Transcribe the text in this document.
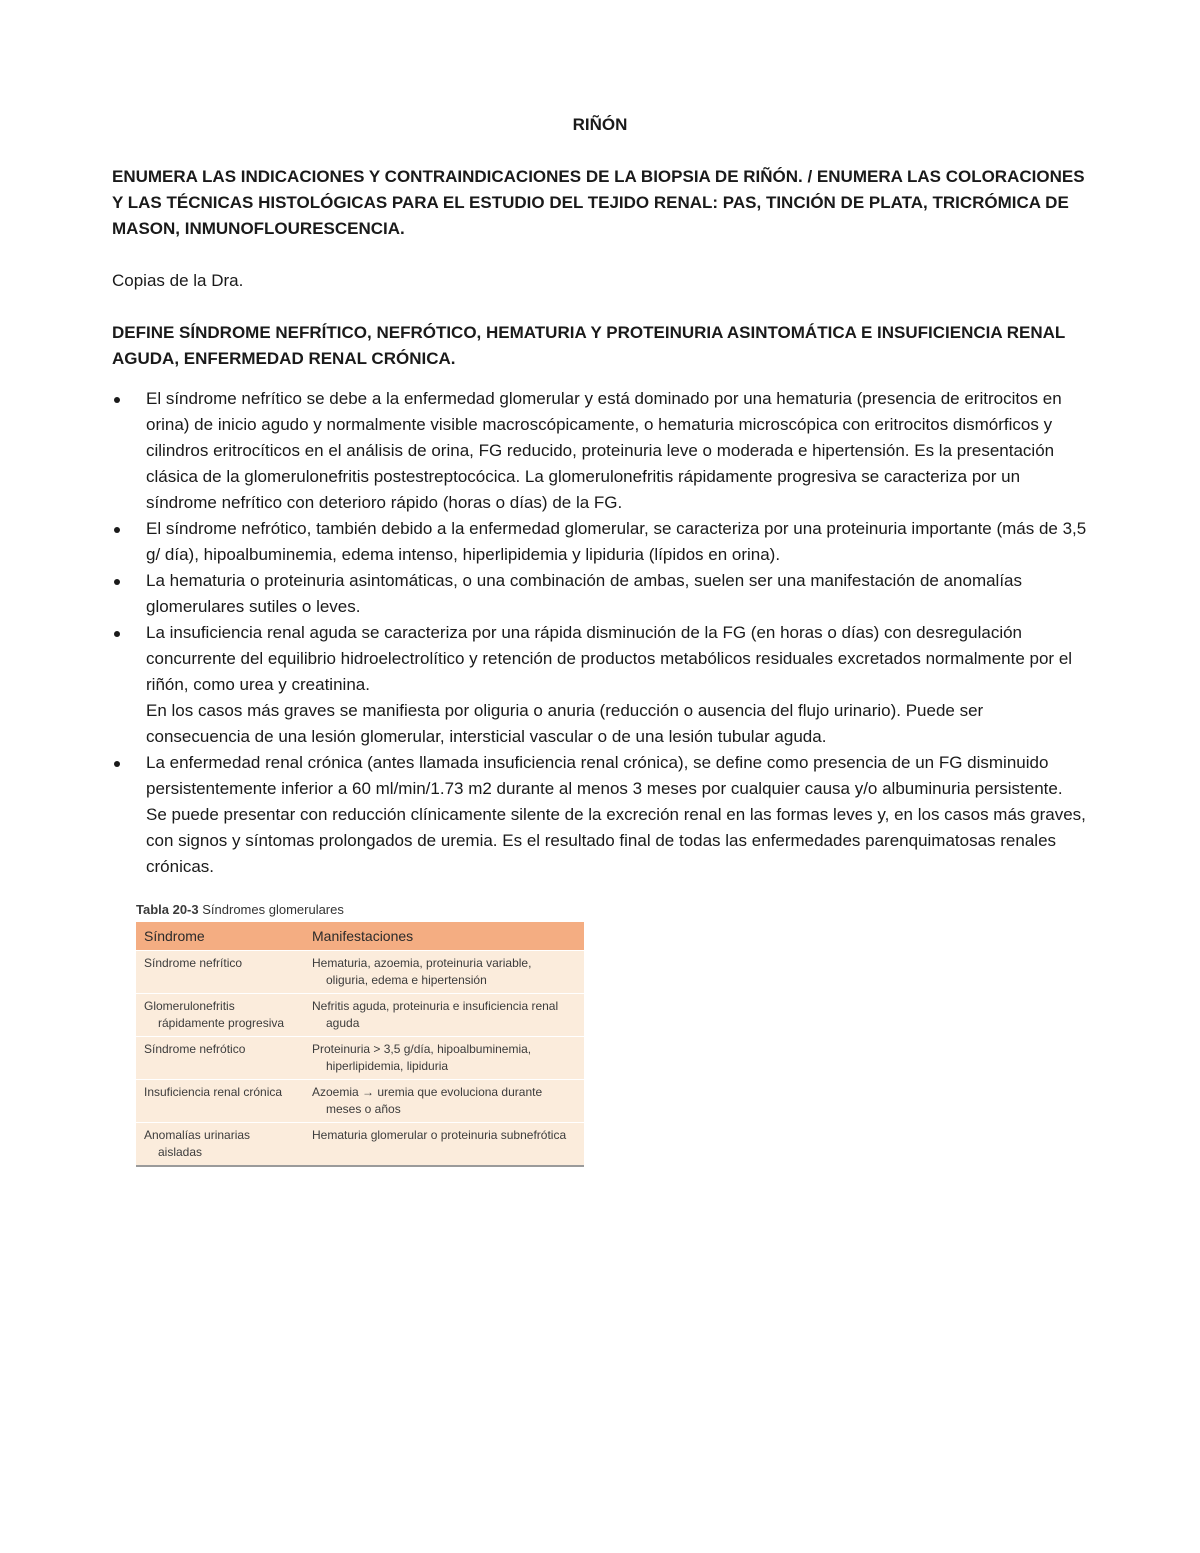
RIÑÓN

ENUMERA LAS INDICACIONES Y CONTRAINDICACIONES DE LA BIOPSIA DE RIÑÓN. / ENUMERA LAS COLORACIONES Y LAS TÉCNICAS HISTOLÓGICAS PARA EL ESTUDIO DEL TEJIDO RENAL: PAS, TINCIÓN DE PLATA, TRICRÓMICA DE MASON, INMUNOFLOURESCENCIA.

Copias de la Dra.

DEFINE SÍNDROME NEFRÍTICO, NEFRÓTICO, HEMATURIA Y PROTEINURIA ASINTOMÁTICA E INSUFICIENCIA RENAL AGUDA, ENFERMEDAD RENAL CRÓNICA.

El síndrome nefrítico se debe a la enfermedad glomerular y está dominado por una hematuria (presencia de eritrocitos en orina) de inicio agudo y normalmente visible macroscópicamente, o hematuria microscópica con eritrocitos dismórficos y cilindros eritrocíticos en el análisis de orina, FG reducido, proteinuria leve o moderada e hipertensión. Es la presentación clásica de la glomerulonefritis postestreptocócica. La glomerulonefritis rápidamente progresiva se caracteriza por un síndrome nefrítico con deterioro rápido (horas o días) de la FG.
El síndrome nefrótico, también debido a la enfermedad glomerular, se caracteriza por una proteinuria importante (más de 3,5 g/ día), hipoalbuminemia, edema intenso, hiperlipidemia y lipiduria (lípidos en orina).
La hematuria o proteinuria asintomáticas, o una combinación de ambas, suelen ser una manifestación de anomalías glomerulares sutiles o leves.
La insuficiencia renal aguda se caracteriza por una rápida disminución de la FG (en horas o días) con desregulación concurrente del equilibrio hidroelectrolítico y retención de productos metabólicos residuales excretados normalmente por el riñón, como urea y creatinina.
En los casos más graves se manifiesta por oliguria o anuria (reducción o ausencia del flujo urinario). Puede ser consecuencia de una lesión glomerular, intersticial vascular o de una lesión tubular aguda.
La enfermedad renal crónica (antes llamada insuficiencia renal crónica), se define como presencia de un FG disminuido persistentemente inferior a 60 ml/min/1.73 m2 durante al menos 3 meses por cualquier causa y/o albuminuria persistente. Se puede presentar con reducción clínicamente silente de la excreción renal en las formas leves y, en los casos más graves, con signos y síntomas prolongados de uremia. Es el resultado final de todas las enfermedades parenquimatosas renales crónicas.
Tabla 20-3 Síndromes glomerulares
Síndrome	Manifestaciones
Síndrome nefrítico	Hematuria, azoemia, proteinuria variable,
oliguria, edema e hipertensión

Glomerulonefritis
rápidamente progresiva	Nefritis aguda, proteinuria e insuficiencia renal
aguda

Síndrome nefrótico	Proteinuria > 3,5 g/día, hipoalbuminemia,
hiperlipidemia, lipiduria

Insuficiencia renal crónica	Azoemia → uremia que evoluciona durante
meses o años

Anomalías urinarias
aisladas	Hematuria glomerular o proteinuria subnefrótica
